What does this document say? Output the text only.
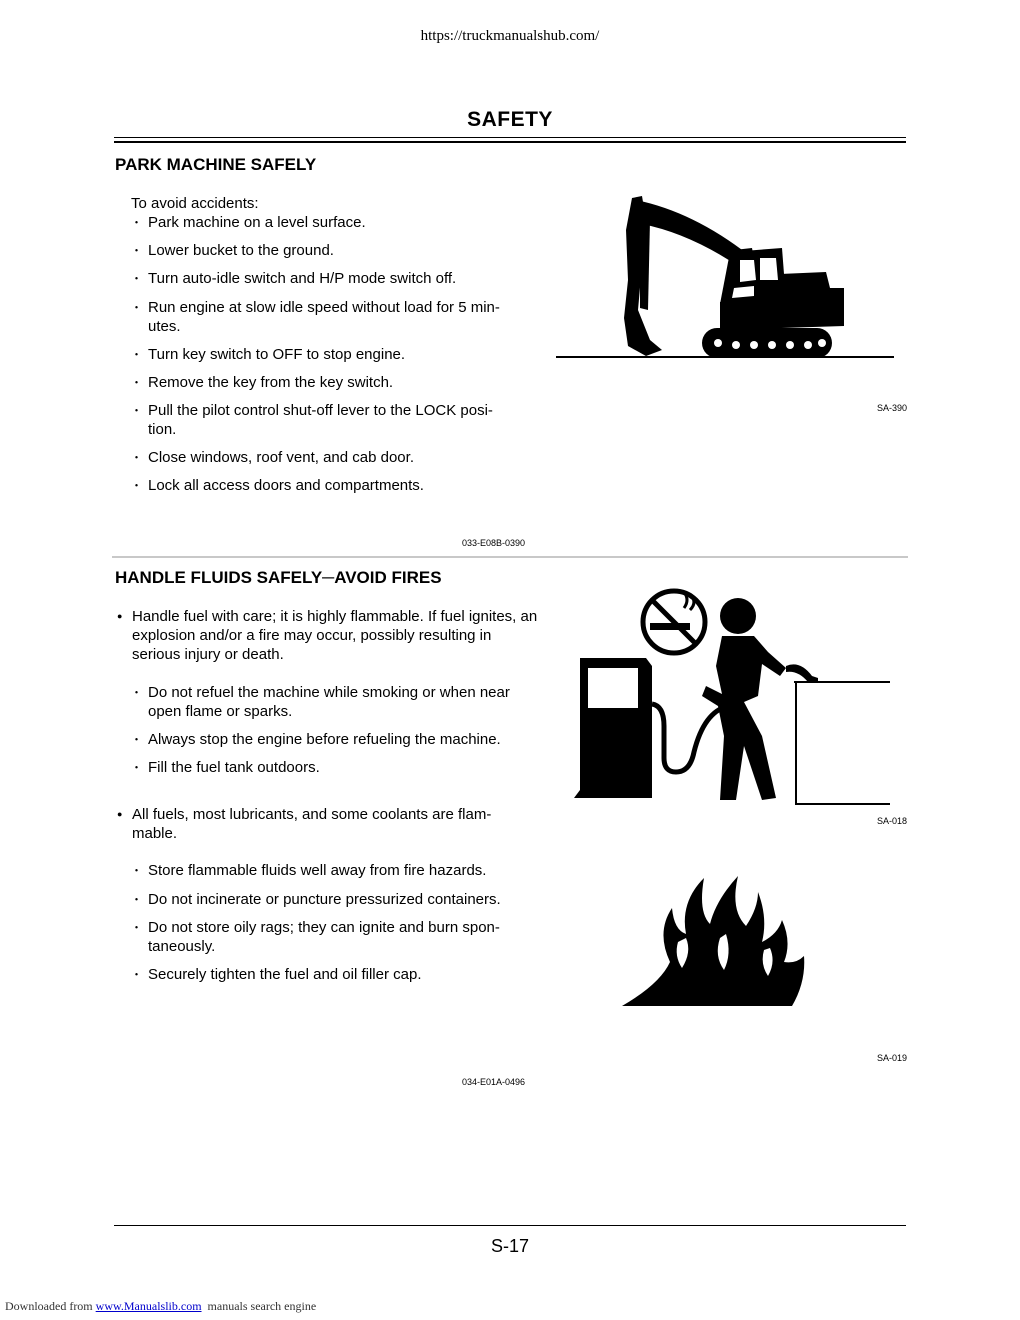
https://truckmanualshub.com/
SAFETY
PARK MACHINE SAFELY
To avoid accidents:
・ Park machine on a level surface.
・ Lower bucket to the ground.
・ Turn auto-idle switch and H/P mode switch off.
・ Run engine at slow idle speed without load for 5 min-utes.
・ Turn key switch to OFF to stop engine.
・ Remove the key from the key switch.
・ Pull the pilot control shut-off lever to the LOCK posi-tion.
・ Close windows, roof vent, and cab door.
・ Lock all access doors and compartments.
033-E08B-0390
SA-390
HANDLE FLUIDS SAFELY─AVOID FIRES
● Handle fuel with care; it is highly flammable. If fuel ignites, an explosion and/or a fire may occur, possibly resulting in serious injury or death.
・ Do not refuel the machine while smoking or when near open flame or sparks.
・ Always stop the engine before refueling the machine.
・ Fill the fuel tank outdoors.
● All fuels, most lubricants, and some coolants are flam-mable.
・ Store flammable fluids well away from fire hazards.
・ Do not incinerate or puncture pressurized containers.
・ Do not store oily rags; they can ignite and burn spon-taneously.
・ Securely tighten the fuel and oil filler cap.
034-E01A-0496
SA-018
SA-019
S-17
Downloaded from www.Manualslib.com manuals search engine
